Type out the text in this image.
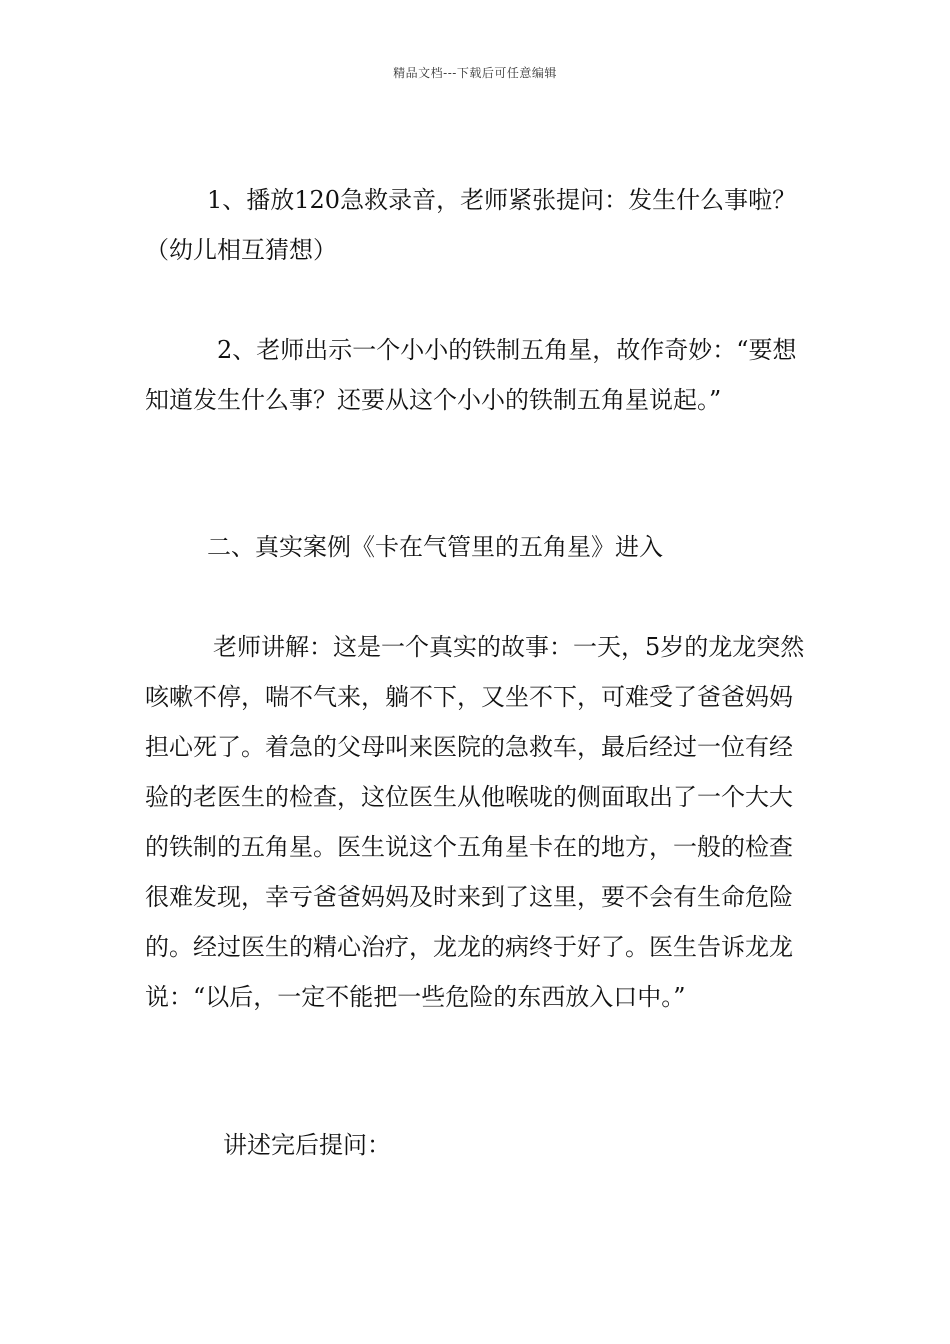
精品文档---下载后可任意编辑

1、播放120急救录音，老师紧张提问：发生什么事啦？（幼儿相互猜想）

2、老师出示一个小小的铁制五角星，故作奇妙：“要想知道发生什么事？还要从这个小小的铁制五角星说起。”

二、真实案例《卡在气管里的五角星》进入

老师讲解：这是一个真实的故事：一天，5岁的龙龙突然咳嗽不停，喘不气来，躺不下，又坐不下，可难受了爸爸妈妈担心死了。着急的父母叫来医院的急救车，最后经过一位有经验的老医生的检查，这位医生从他喉咙的侧面取出了一个大大的铁制的五角星。医生说这个五角星卡在的地方，一般的检查很难发现，幸亏爸爸妈妈及时来到了这里，要不会有生命危险的。经过医生的精心治疗，龙龙的病终于好了。医生告诉龙龙说：“以后，一定不能把一些危险的东西放入口中。”

讲述完后提问：
